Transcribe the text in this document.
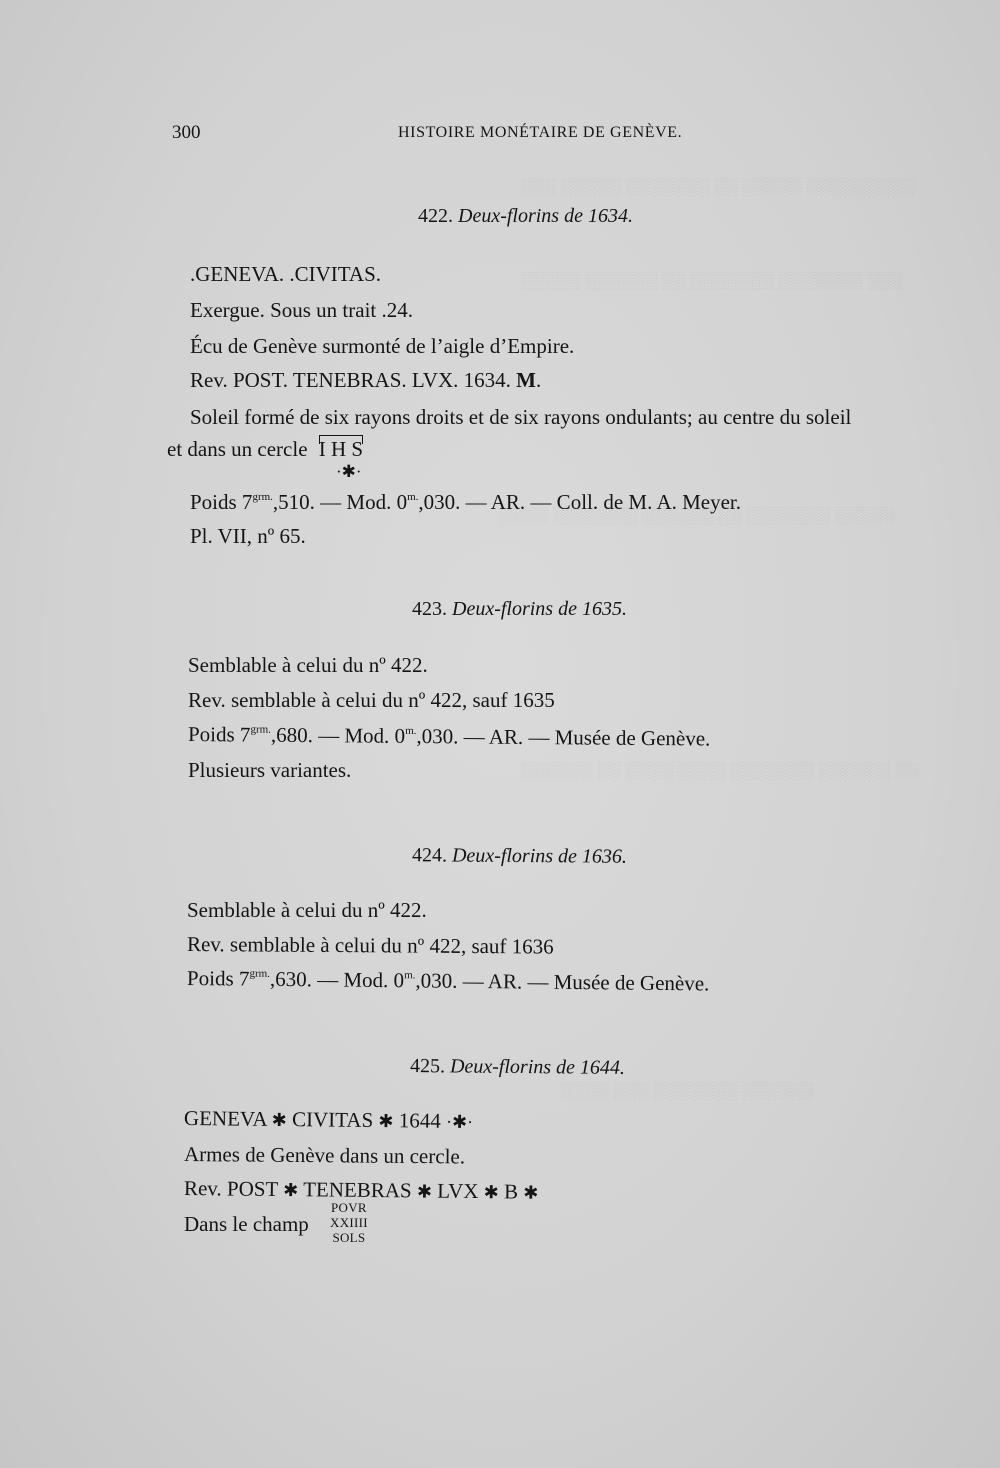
░░░ ░░░░░ ░░░░░░░ ░░ ░░░░░ ░░░░░░░░░
░░░░░ ░░░░░░ ░░ ░░░░░░░ ░░░░░░░ ░░░
░░░░ ░░░░░░░ ░░░░░░ ░░ ░░░░░░░ ░░░░░
░░░░░░ ░░ ░░░░ ░░░░ ░░░░░░░ ░░░░░░ ░░
░░░░ ░░░ ░░░░░░░ ░░░░░░
300	HISTOIRE MONÉTAIRE DE GENÈVE.
422. Deux-florins de 1634.
.GENEVA. .CIVITAS.
Exergue. Sous un trait .24.
Écu de Genève surmonté de l’aigle d’Empire.
Rev. POST. TENEBRAS. LVX. 1634. M.
Soleil formé de six rayons droits et de six rayons ondulants; au centre du soleil
et dans un cercle I H S
·✱·
Poids $7^{grm.},510$. — Mod. $0^{m.},030$. — AR. — Coll. de M. A. Meyer.
Pl. VII, nº 65.
423. Deux-florins de 1635.
Semblable à celui du nº 422.
Rev. semblable à celui du nº 422, sauf 1635
Poids $7^{grm.},680$. — Mod. $0^{m.},030$. — AR. — Musée de Genève.
Plusieurs variantes.
424. Deux-florins de 1636.
Semblable à celui du nº 422.
Rev. semblable à celui du nº 422, sauf 1636
Poids $7^{grm.},630$. — Mod. $0^{m.},030$. — AR. — Musée de Genève.
425. Deux-florins de 1644.
GENEVA ✱ CIVITAS ✱ 1644 ·✱·
Armes de Genève dans un cercle.
Rev. POST ✱ TENEBRAS ✱ LVX ✱ B ✱
Dans le champ
POVR
XXIIII
SOLS
